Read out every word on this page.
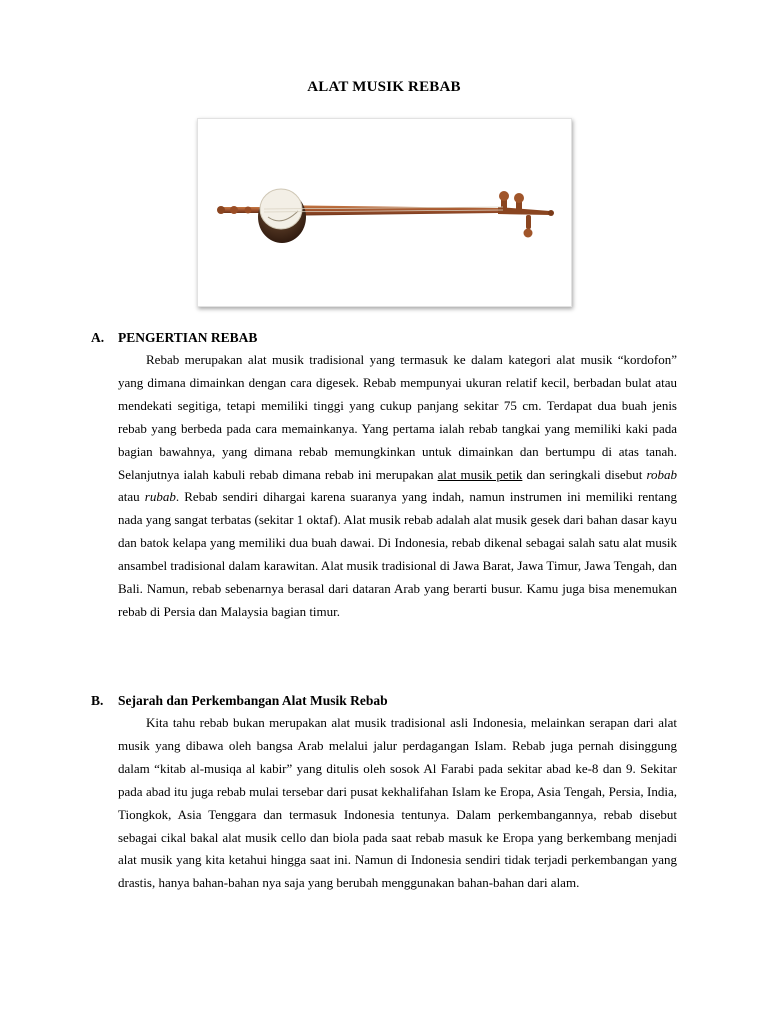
ALAT MUSIK REBAB
A. PENGERTIAN REBAB

Rebab merupakan alat musik tradisional yang termasuk ke dalam kategori alat musik “kordofon” yang dimana dimainkan dengan cara digesek. Rebab mempunyai ukuran relatif kecil, berbadan bulat atau mendekati segitiga, tetapi memiliki tinggi yang cukup panjang sekitar 75 cm. Terdapat dua buah jenis rebab yang berbeda pada cara memainkanya. Yang pertama ialah rebab tangkai yang memiliki kaki pada bagian bawahnya, yang dimana rebab memungkinkan untuk dimainkan dan bertumpu di atas tanah. Selanjutnya ialah kabuli rebab dimana rebab ini merupakan alat musik petik dan seringkali disebut robab atau rubab. Rebab sendiri dihargai karena suaranya yang indah, namun instrumen ini memiliki rentang nada yang sangat terbatas (sekitar 1 oktaf). Alat musik rebab adalah alat musik gesek dari bahan dasar kayu dan batok kelapa yang memiliki dua buah dawai. Di Indonesia, rebab dikenal sebagai salah satu alat musik ansambel tradisional dalam karawitan. Alat musik tradisional di Jawa Barat, Jawa Timur, Jawa Tengah, dan Bali. Namun, rebab sebenarnya berasal dari dataran Arab yang berarti busur. Kamu juga bisa menemukan rebab di Persia dan Malaysia bagian timur.

B. Sejarah dan Perkembangan Alat Musik Rebab

Kita tahu rebab bukan merupakan alat musik tradisional asli Indonesia, melainkan serapan dari alat musik yang dibawa oleh bangsa Arab melalui jalur perdagangan Islam. Rebab juga pernah disinggung dalam “kitab al-musiqa al kabir” yang ditulis oleh sosok Al Farabi pada sekitar abad ke-8 dan 9. Sekitar pada abad itu juga rebab mulai tersebar dari pusat kekhalifahan Islam ke Eropa, Asia Tengah, Persia, India, Tiongkok, Asia Tenggara dan termasuk Indonesia tentunya. Dalam perkembangannya, rebab disebut sebagai cikal bakal alat musik cello dan biola pada saat rebab masuk ke Eropa yang berkembang menjadi alat musik yang kita ketahui hingga saat ini. Namun di Indonesia sendiri tidak terjadi perkembangan yang drastis, hanya bahan-bahan nya saja yang berubah menggunakan bahan-bahan dari alam.
